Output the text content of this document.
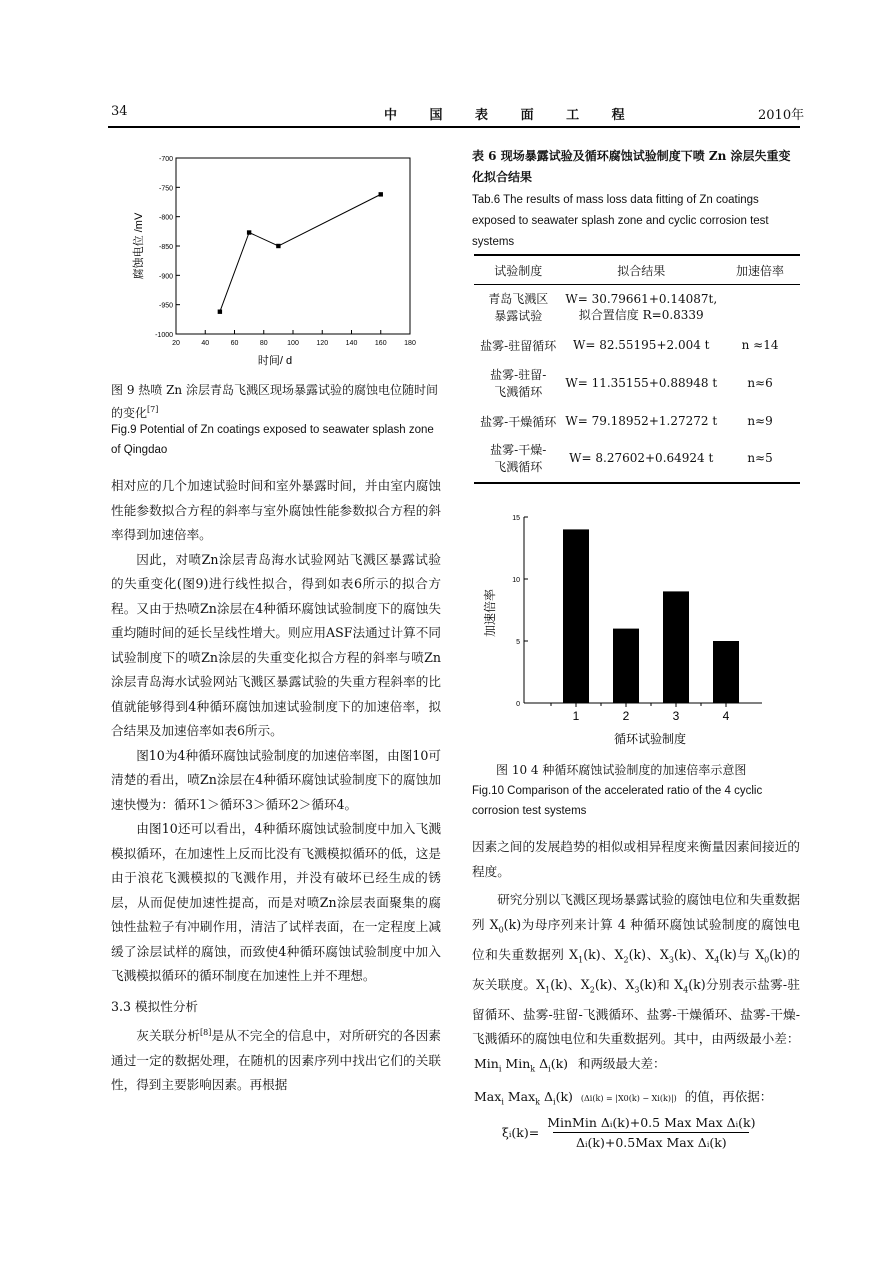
34	中 国 表 面 工 程	2010年
-700
-750
-800
-850
-900
-950
-1000
20	40	60	80	100	120	140	160	180
腐蚀电位 /mV
时间/ d
图 9 热喷 Zn 涂层青岛飞溅区现场暴露试验的腐蚀电位随时间的变化[7]
Fig.9 Potential of Zn coatings exposed to seawater splash zone of Qingdao

相对应的几个加速试验时间和室外暴露时间，并由室内腐蚀性能参数拟合方程的斜率与室外腐蚀性能参数拟合方程的斜率得到加速倍率。

因此，对喷Zn涂层青岛海水试验网站飞溅区暴露试验的失重变化(图9)进行线性拟合，得到如表6所示的拟合方程。又由于热喷Zn涂层在4种循环腐蚀试验制度下的腐蚀失重均随时间的延长呈线性增大。则应用ASF法通过计算不同试验制度下的喷Zn涂层的失重变化拟合方程的斜率与喷Zn涂层青岛海水试验网站飞溅区暴露试验的失重方程斜率的比值就能够得到4种循环腐蚀加速试验制度下的加速倍率，拟合结果及加速倍率如表6所示。

图10为4种循环腐蚀试验制度的加速倍率图，由图10可清楚的看出，喷Zn涂层在4种循环腐蚀试验制度下的腐蚀加速快慢为：循环1＞循环3＞循环2＞循环4。

由图10还可以看出，4种循环腐蚀试验制度中加入飞溅模拟循环，在加速性上反而比没有飞溅模拟循环的低，这是由于浪花飞溅模拟的飞溅作用，并没有破坏已经生成的锈层，从而促使加速性提高，而是对喷Zn涂层表面聚集的腐蚀性盐粒子有冲刷作用，清洁了试样表面，在一定程度上减缓了涂层试样的腐蚀，而致使4种循环腐蚀试验制度中加入飞溅模拟循环的循环制度在加速性上并不理想。

3.3 模拟性分析

灰关联分析[8]是从不完全的信息中，对所研究的各因素通过一定的数据处理，在随机的因素序列中找出它们的关联性，得到主要影响因素。再根据

表 6 现场暴露试验及循环腐蚀试验制度下喷 Zn 涂层失重变化拟合结果
Tab.6 The results of mass loss data fitting of Zn coatings exposed to seawater splash zone and cyclic corrosion test systems
试验制度	拟合结果	加速倍率
青岛飞溅区
暴露试验	W= 30.79661+0.14087t,
拟合置信度 R=0.8339	
盐雾-驻留循环	W= 82.55195+2.004 t	n ≈14
盐雾-驻留-
飞溅循环	W= 11.35155+0.88948 t	n≈6
盐雾-干燥循环	W= 79.18952+1.27272 t	n≈9
盐雾-干燥-
飞溅循环	W= 8.27602+0.64924 t	n≈5
0
5
10
15
1	2	3	4
加速倍率
循环试验制度
图 10 4 种循环腐蚀试验制度的加速倍率示意图
Fig.10 Comparison of the accelerated ratio of the 4 cyclic corrosion test systems

因素之间的发展趋势的相似或相异程度来衡量因素间接近的程度。

研究分别以飞溅区现场暴露试验的腐蚀电位和失重数据列 $X_0(k)$为母序列来计算 4 种循环腐蚀试验制度的腐蚀电位和失重数据列 $X_1(k)$、$X_2(k)$、$X_3(k)$、$X_4(k)$与 $X_0(k)$的灰关联度。$X_1(k)$、$X_2(k)$、$X_3(k)$和 $X_4(k)$分别表示盐雾-驻留循环、盐雾-驻留-飞溅循环、盐雾-干燥循环、盐雾-干燥-飞溅循环的腐蚀电位和失重数据列。其中，由两级最小差：

Min$_i$ Min$_k$ $\Delta_i(k)$ 和两级最大差：
Max$_i$ Max$_k$ $\Delta_i(k) (\Delta i(k) = |X0(k) - Xi(k)|)$ 的值，再依据：
ξᵢ(k)=
MinMin Δᵢ(k)+0.5 Max Max Δᵢ(k)
Δᵢ(k)+0.5Max Max Δᵢ(k)
